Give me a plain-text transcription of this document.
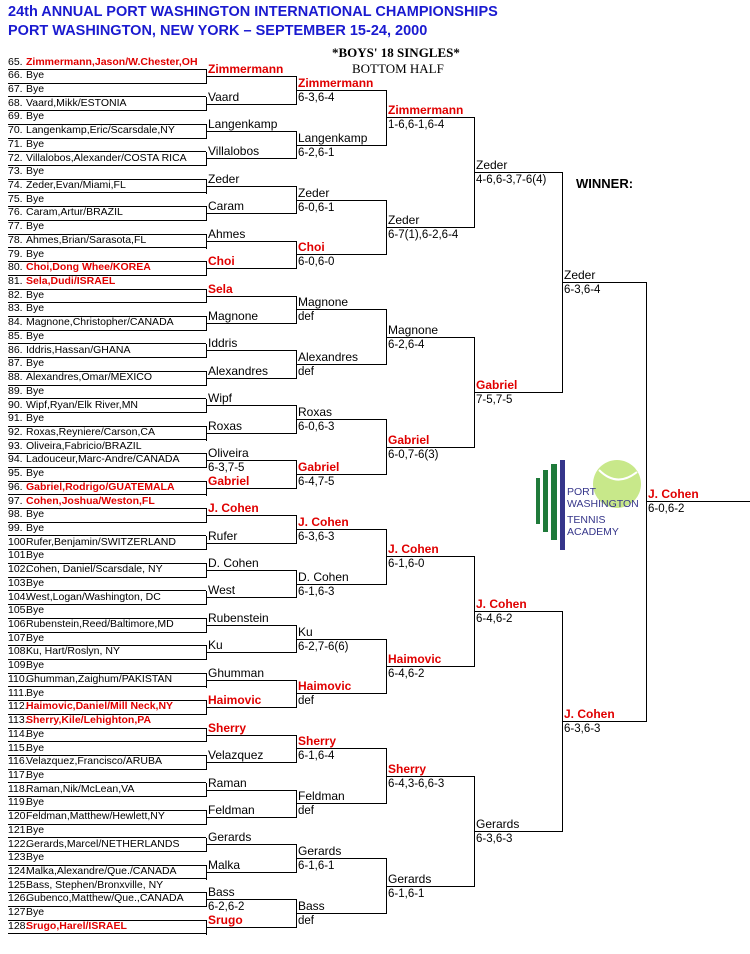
24th ANNUAL PORT WASHINGTON INTERNATIONAL CHAMPIONSHIPS
PORT WASHINGTON, NEW YORK – SEPTEMBER 15-24, 2000
*BOYS' 18 SINGLES*
BOTTOM HALF
WINNER:
65. Zimmermann,Jason/W.Chester,OH
66. Bye
67. Bye
68. Vaard,Mikk/ESTONIA
69. Bye
70. Langenkamp,Eric/Scarsdale,NY
71. Bye
72. Villalobos,Alexander/COSTA RICA
73. Bye
74. Zeder,Evan/Miami,FL
75. Bye
76. Caram,Artur/BRAZIL
77. Bye
78. Ahmes,Brian/Sarasota,FL
79. Bye
80. Choi,Dong Whee/KOREA
81. Sela,Dudi/ISRAEL
82. Bye
83. Bye
84. Magnone,Christopher/CANADA
85. Bye
86. Iddris,Hassan/GHANA
87. Bye
88. Alexandres,Omar/MEXICO
89. Bye
90. Wipf,Ryan/Elk River,MN
91. Bye
92. Roxas,Reyniere/Carson,CA
93. Oliveira,Fabricio/BRAZIL
94. Ladouceur,Marc-Andre/CANADA
95. Bye
96. Gabriel,Rodrigo/GUATEMALA
97. Cohen,Joshua/Weston,FL
98. Bye
99. Bye
100.Rufer,Benjamin/SWITZERLAND
101.Bye
102.Cohen, Daniel/Scarsdale, NY
103.Bye
104.West,Logan/Washington, DC
105.Bye
106.Rubenstein,Reed/Baltimore,MD
107.Bye
108.Ku, Hart/Roslyn, NY
109.Bye
110.Ghumman,Zaighum/PAKISTAN
111.Bye
112.Haimovic,Daniel/Mill Neck,NY
113.Sherry,Kile/Lehighton,PA
114.Bye
115.Bye
116.Velazquez,Francisco/ARUBA
117.Bye
118.Raman,Nik/McLean,VA
119.Bye
120.Feldman,Matthew/Hewlett,NY
121.Bye
122.Gerards,Marcel/NETHERLANDS
123.Bye
124.Malka,Alexandre/Que./CANADA
125.Bass, Stephen/Bronxville, NY
126.Gubenco,Matthew/Que.,CANADA
127.Bye
128.Srugo,Harel/ISRAEL
Zimmermann
Vaard
Langenkamp
Villalobos
Zeder
Caram
Ahmes
Choi
Sela
Magnone
Iddris
Alexandres
Wipf
Roxas
Oliveira
6-3,7-5
Gabriel
J. Cohen
Rufer
D. Cohen
West
Rubenstein
Ku
Ghumman
Haimovic
Sherry
Velazquez
Raman
Feldman
Gerards
Malka
Bass
6-2,6-2
Srugo
Zimmermann
6-3,6-4
Langenkamp
6-2,6-1
Zeder
6-0,6-1
Choi
6-0,6-0
Magnone
def
Alexandres
def
Roxas
6-0,6-3
Gabriel
6-4,7-5
J. Cohen
6-3,6-3
D. Cohen
6-1,6-3
Ku
6-2,7-6(6)
Haimovic
def
Sherry
6-1,6-4
Feldman
def
Gerards
6-1,6-1
Bass
def
Zimmermann
1-6,6-1,6-4
Zeder
6-7(1),6-2,6-4
Magnone
6-2,6-4
Gabriel
6-0,7-6(3)
J. Cohen
6-1,6-0
Haimovic
6-4,6-2
Sherry
6-4,3-6,6-3
Gerards
6-1,6-1
Zeder
4-6,6-3,7-6(4)
Gabriel
7-5,7-5
J. Cohen
6-4,6-2
Gerards
6-3,6-3
Zeder
6-3,6-4
J. Cohen
6-3,6-3
J. Cohen
6-0,6-2
PORT
WASHINGTON
TENNIS
ACADEMY
